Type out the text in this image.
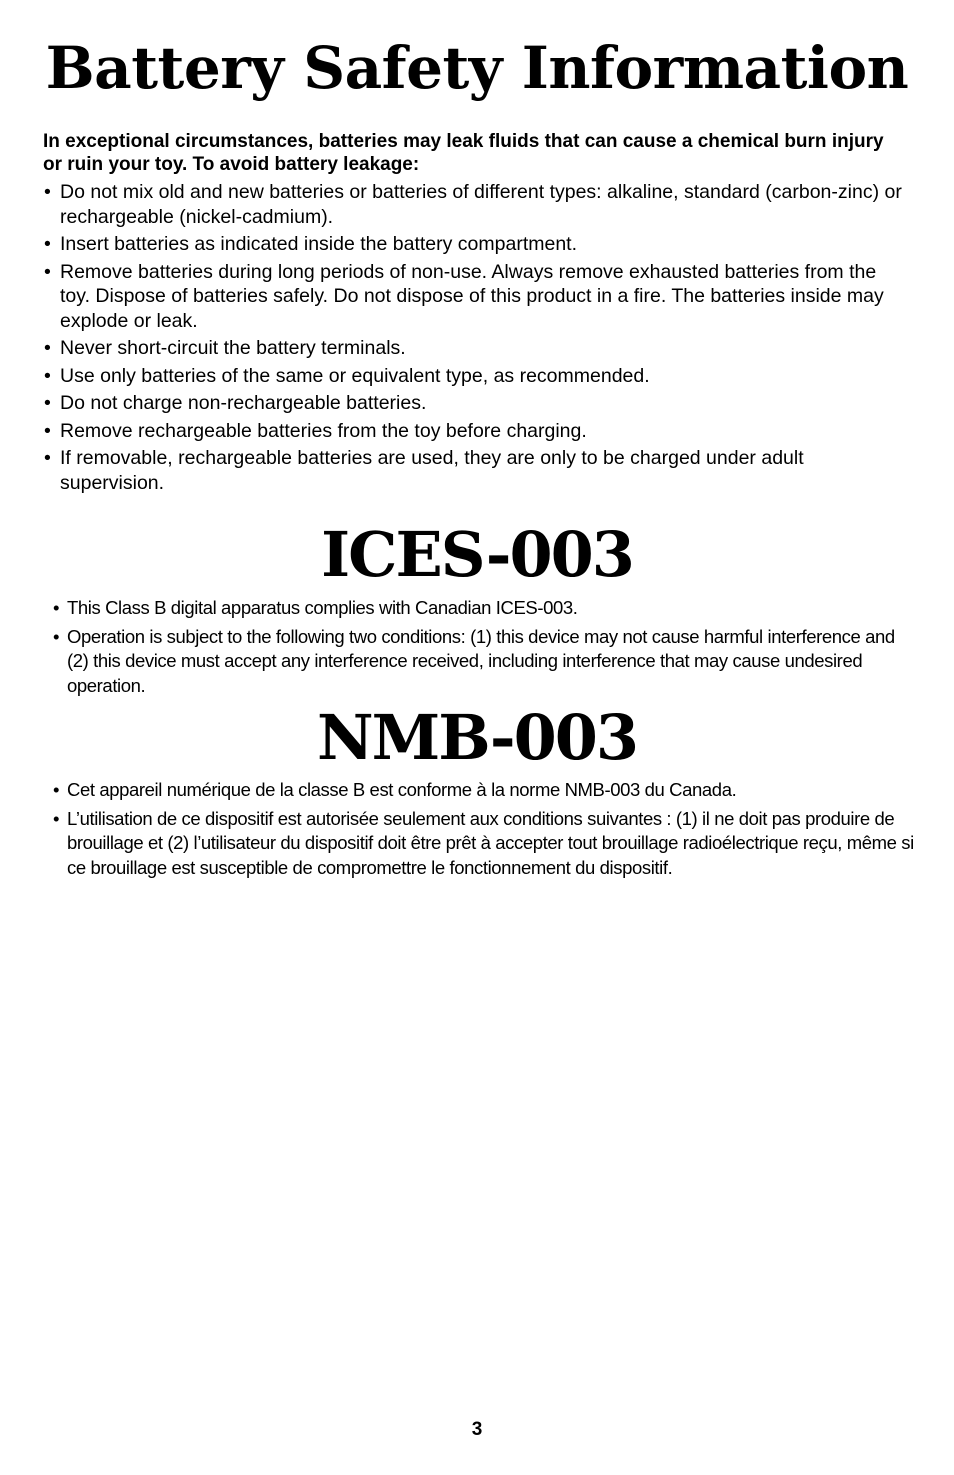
Battery Safety Information

In exceptional circumstances, batteries may leak fluids that can cause a chemical burn injury or ruin your toy. To avoid battery leakage:

• Do not mix old and new batteries or batteries of different types: alkaline, standard (carbon-zinc) or rechargeable (nickel-cadmium).
• Insert batteries as indicated inside the battery compartment.
• Remove batteries during long periods of non-use. Always remove exhausted batteries from the toy. Dispose of batteries safely. Do not dispose of this product in a fire. The batteries inside may explode or leak.
• Never short-circuit the battery terminals.
• Use only batteries of the same or equivalent type, as recommended.
• Do not charge non-rechargeable batteries.
• Remove rechargeable batteries from the toy before charging.
• If removable, rechargeable batteries are used, they are only to be charged under adult supervision.
ICES-003
• This Class B digital apparatus complies with Canadian ICES-003.
• Operation is subject to the following two conditions: (1) this device may not cause harmful interference and (2) this device must accept any interference received, including interference that may cause undesired operation.
NMB-003
• Cet appareil numérique de la classe B est conforme à la norme NMB-003 du Canada.
• L’utilisation de ce dispositif est autorisée seulement aux conditions suivantes : (1) il ne doit pas produire de brouillage et (2) l’utilisateur du dispositif doit être prêt à accepter tout brouillage radioélectrique reçu, même si ce brouillage est susceptible de compromettre le fonctionnement du dispositif.
3
